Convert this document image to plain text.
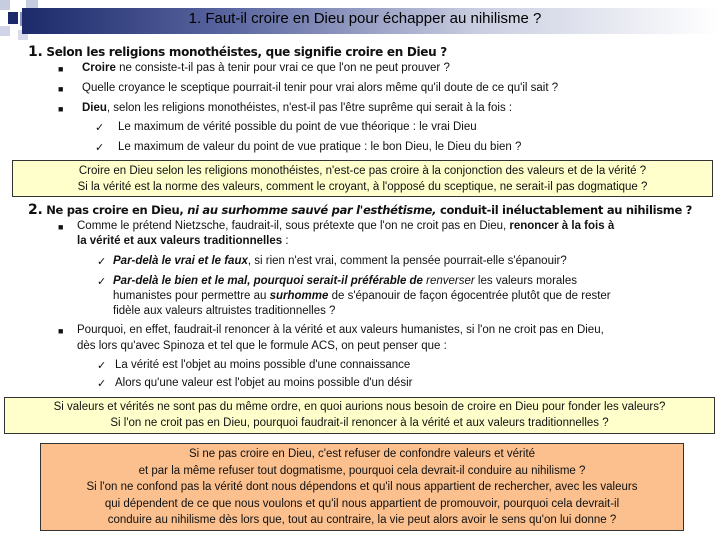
1. Faut-il croire en Dieu pour échapper au nihilisme ?
1. Selon les religions monothéistes, que signifie croire en Dieu ?
■ Croire ne consiste-t-il pas à tenir pour vrai ce que l'on ne peut prouver ?
■ Quelle croyance le sceptique pourrait-il tenir pour vrai alors même qu'il doute de ce qu'il sait ?
■ Dieu, selon les religions monothéistes, n'est-il pas l'être suprême qui serait à la fois :
✓ Le maximum de vérité possible du point de vue théorique : le vrai Dieu
✓ Le maximum de valeur du point de vue pratique : le bon Dieu, le Dieu du bien ?
Croire en Dieu selon les religions monothéistes, n'est-ce pas croire à la conjonction des valeurs et de la vérité ?
Si la vérité est la norme des valeurs, comment le croyant, à l'opposé du sceptique, ne serait-il pas dogmatique ?
2. Ne pas croire en Dieu, ni au surhomme sauvé par l'esthétisme, conduit-il inéluctablement au nihilisme ?
■ Comme le prétend Nietzsche, faudrait-il, sous prétexte que l'on ne croit pas en Dieu, renoncer à la fois à
la vérité et aux valeurs traditionnelles :
✓ Par-delà le vrai et le faux, si rien n'est vrai, comment la pensée pourrait-elle s'épanouir?
✓ Par-delà le bien et le mal, pourquoi serait-il préférable de renverser les valeurs morales
humanistes pour permettre au surhomme de s'épanouir de façon égocentrée plutôt que de rester
fidèle aux valeurs altruistes traditionnelles ?
■ Pourquoi, en effet, faudrait-il renoncer à la vérité et aux valeurs humanistes, si l'on ne croit pas en Dieu,
dès lors qu'avec Spinoza et tel que le formule ACS, on peut penser que :
✓ La vérité est l'objet au moins possible d'une connaissance
✓ Alors qu'une valeur est l'objet au moins possible d'un désir
Si valeurs et vérités ne sont pas du même ordre, en quoi aurions nous besoin de croire en Dieu pour fonder les valeurs?
Si l'on ne croit pas en Dieu, pourquoi faudrait-il renoncer à la vérité et aux valeurs traditionnelles ?
Si ne pas croire en Dieu, c'est refuser de confondre valeurs et vérité
et par la même refuser tout dogmatisme, pourquoi cela devrait-il conduire au nihilisme ?
Si l'on ne confond pas la vérité dont nous dépendons et qu'il nous appartient de rechercher, avec les valeurs
qui dépendent de ce que nous voulons et qu'il nous appartient de promouvoir, pourquoi cela devrait-il
conduire au nihilisme dès lors que, tout au contraire, la vie peut alors avoir le sens qu'on lui donne ?
